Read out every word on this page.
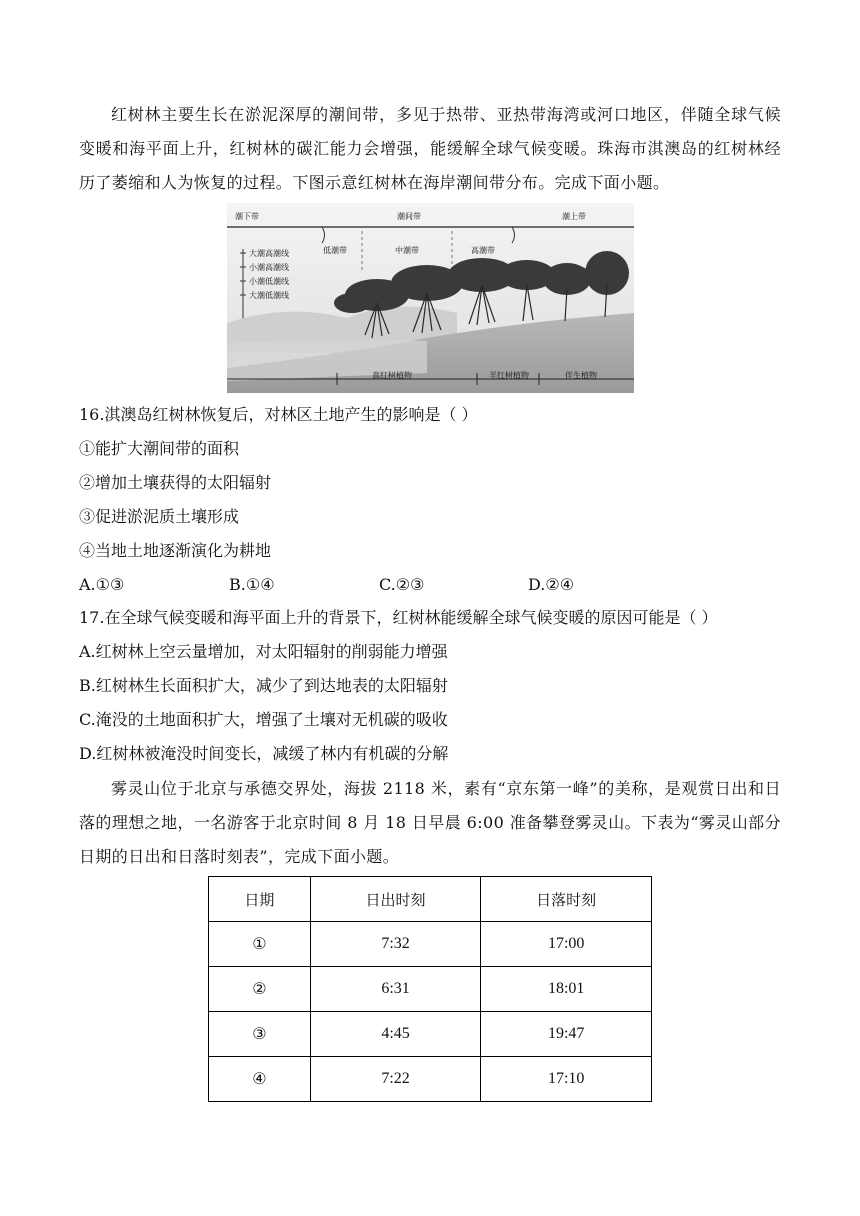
红树林主要生长在淤泥深厚的潮间带，多见于热带、亚热带海湾或河口地区，伴随全球气候变暖和海平面上升，红树林的碳汇能力会增强，能缓解全球气候变暖。珠海市淇澳岛的红树林经历了萎缩和人为恢复的过程。下图示意红树林在海岸潮间带分布。完成下面小题。

潮下带	潮间带	潮上带
低潮带	中潮带	高潮带
大潮高潮线
小潮高潮线
小潮低潮线
大潮低潮线
真红树植物	半红树植物	伴生植物

16.淇澳岛红树林恢复后，对林区土地产生的影响是（ ）

①能扩大潮间带的面积

②增加土壤获得的太阳辐射

③促进淤泥质土壤形成

④当地土地逐渐演化为耕地

A.①③	B.①④	C.②③	D.②④

17.在全球气候变暖和海平面上升的背景下，红树林能缓解全球气候变暖的原因可能是（ ）

A.红树林上空云量增加，对太阳辐射的削弱能力增强

B.红树林生长面积扩大，减少了到达地表的太阳辐射

C.淹没的土地面积扩大，增强了土壤对无机碳的吸收

D.红树林被淹没时间变长，减缓了林内有机碳的分解

雾灵山位于北京与承德交界处，海拔 2118 米，素有“京东第一峰”的美称，是观赏日出和日落的理想之地，一名游客于北京时间 8 月 18 日早晨 6:00 准备攀登雾灵山。下表为“雾灵山部分日期的日出和日落时刻表”，完成下面小题。

日期	日出时刻	日落时刻
①	7:32	17:00
②	6:31	18:01
③	4:45	19:47
④	7:22	17:10
